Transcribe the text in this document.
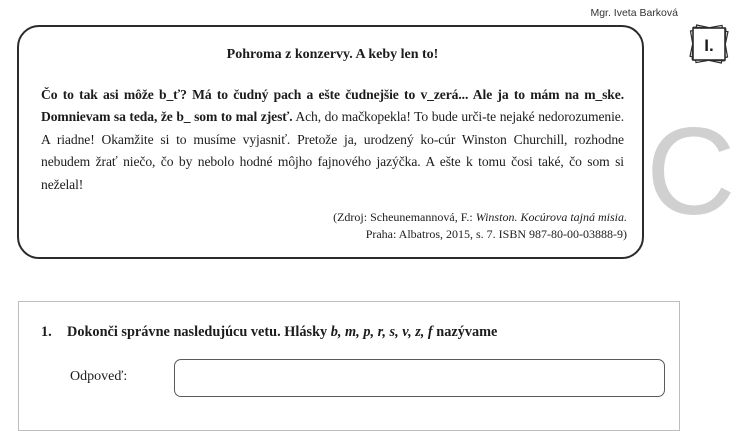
Mgr. Iveta Barková
I.
C

Pohroma z konzervy. A keby len to!

Čo to tak asi môže b_ť? Má to čudný pach a ešte čudnejšie to v_zerá... Ale ja to mám na m_ske. Domnievam sa teda, že b_ som to mal zjesť. Ach, do mačkopekla! To bude urči-te nejaké nedorozumenie. A riadne! Okamžite si to musíme vyjasniť. Pretože ja, urodzený ko-cúr Winston Churchill, rozhodne nebudem žrať niečo, čo by nebolo hodné môjho fajnového jazýčka. A ešte k tomu čosi také, čo som si neželal!

(Zdroj: Scheunemannová, F.: Winston. Kocúrova tajná misia.
Praha: Albatros, 2015, s. 7. ISBN 987-80-00-03888-9)

1. Dokonči správne nasledujúcu vetu. Hlásky b, m, p, r, s, v, z, f nazývame

Odpoveď:
